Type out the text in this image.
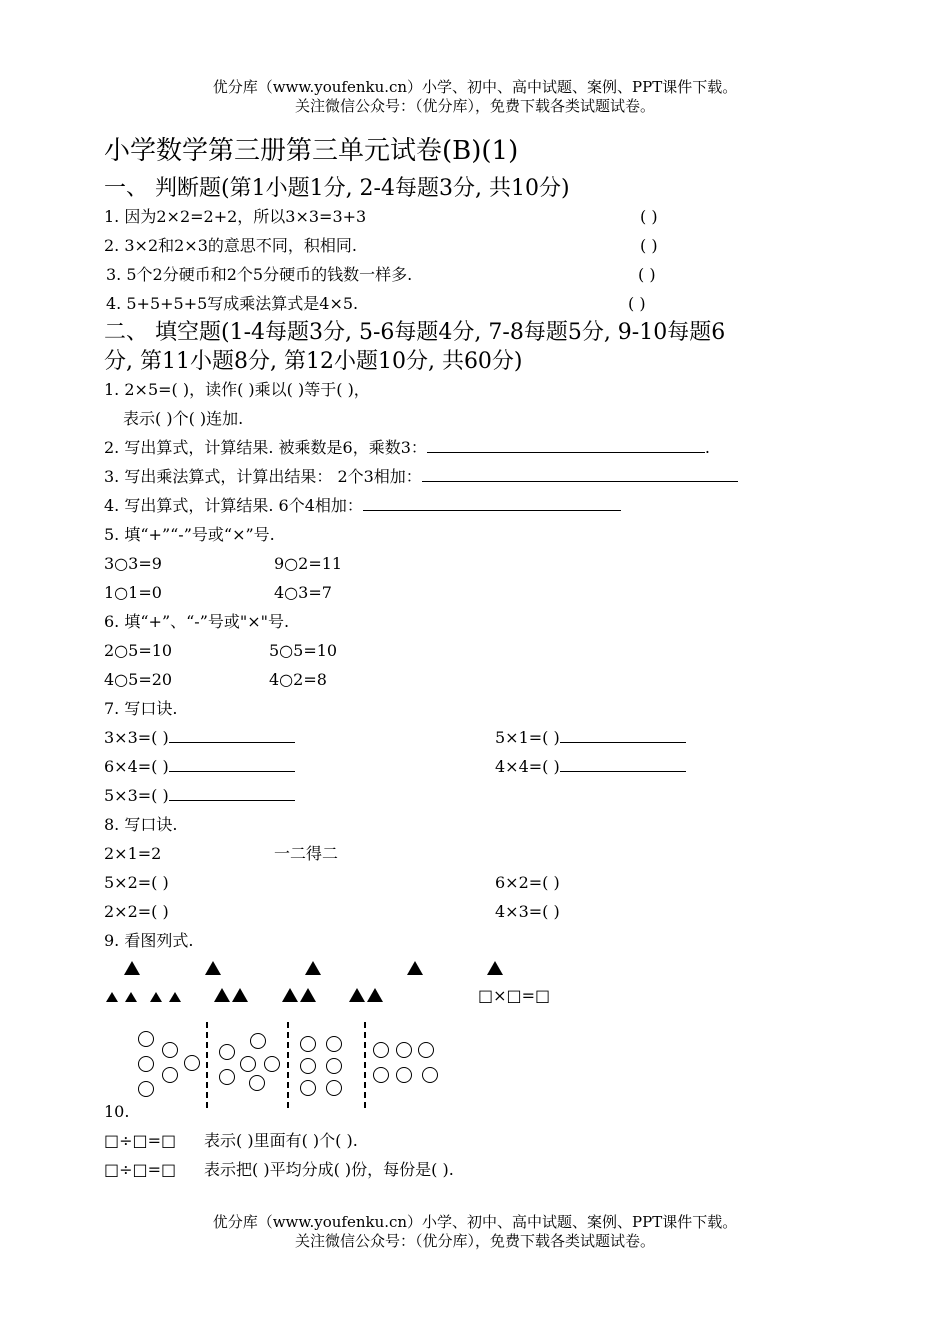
优分库（www.youfenku.cn）小学、初中、高中试题、案例、PPT课件下载。
关注微信公众号：（优分库），免费下载各类试题试卷。
小学数学第三册第三单元试卷(B)(1)
一、 判断题(第1小题1分, 2-4每题3分, 共10分)
1. 因为2×2=2+2，所以3×3=3+3	( )
2. 3×2和2×3的意思不同，积相同.	( )
3. 5个2分硬币和2个5分硬币的钱数一样多.	( )
4. 5+5+5+5写成乘法算式是4×5.	( )
二、 填空题(1-4每题3分, 5-6每题4分, 7-8每题5分, 9-10每题6
分, 第11小题8分, 第12小题10分, 共60分)
1. 2×5=( )，读作( )乘以( )等于( )，
表示( )个( )连加.
2. 写出算式，计算结果. 被乘数是6，乘数3：	.
3. 写出乘法算式，计算出结果： 2个3相加：
4. 写出算式，计算结果. 6个4相加：
5. 填“+”“-”号或“×”号.
3○3=9	9○2=11
1○1=0	4○3=7
6. 填“+”、“-”号或"×"号.
2○5=10	5○5=10
4○5=20	4○2=8
7. 写口诀.
3×3=( )	5×1=( )
6×4=( )	4×4=( )
5×3=( )
8. 写口诀.
2×1=2	一二得二
5×2=( )	6×2=( )
2×2=( )	4×3=( )
9. 看图列式.
□×□=□
10.
□÷□=□ 表示( )里面有( )个( ).
□÷□=□ 表示把( )平均分成( )份，每份是( ).
优分库（www.youfenku.cn）小学、初中、高中试题、案例、PPT课件下载。
关注微信公众号：（优分库），免费下载各类试题试卷。
